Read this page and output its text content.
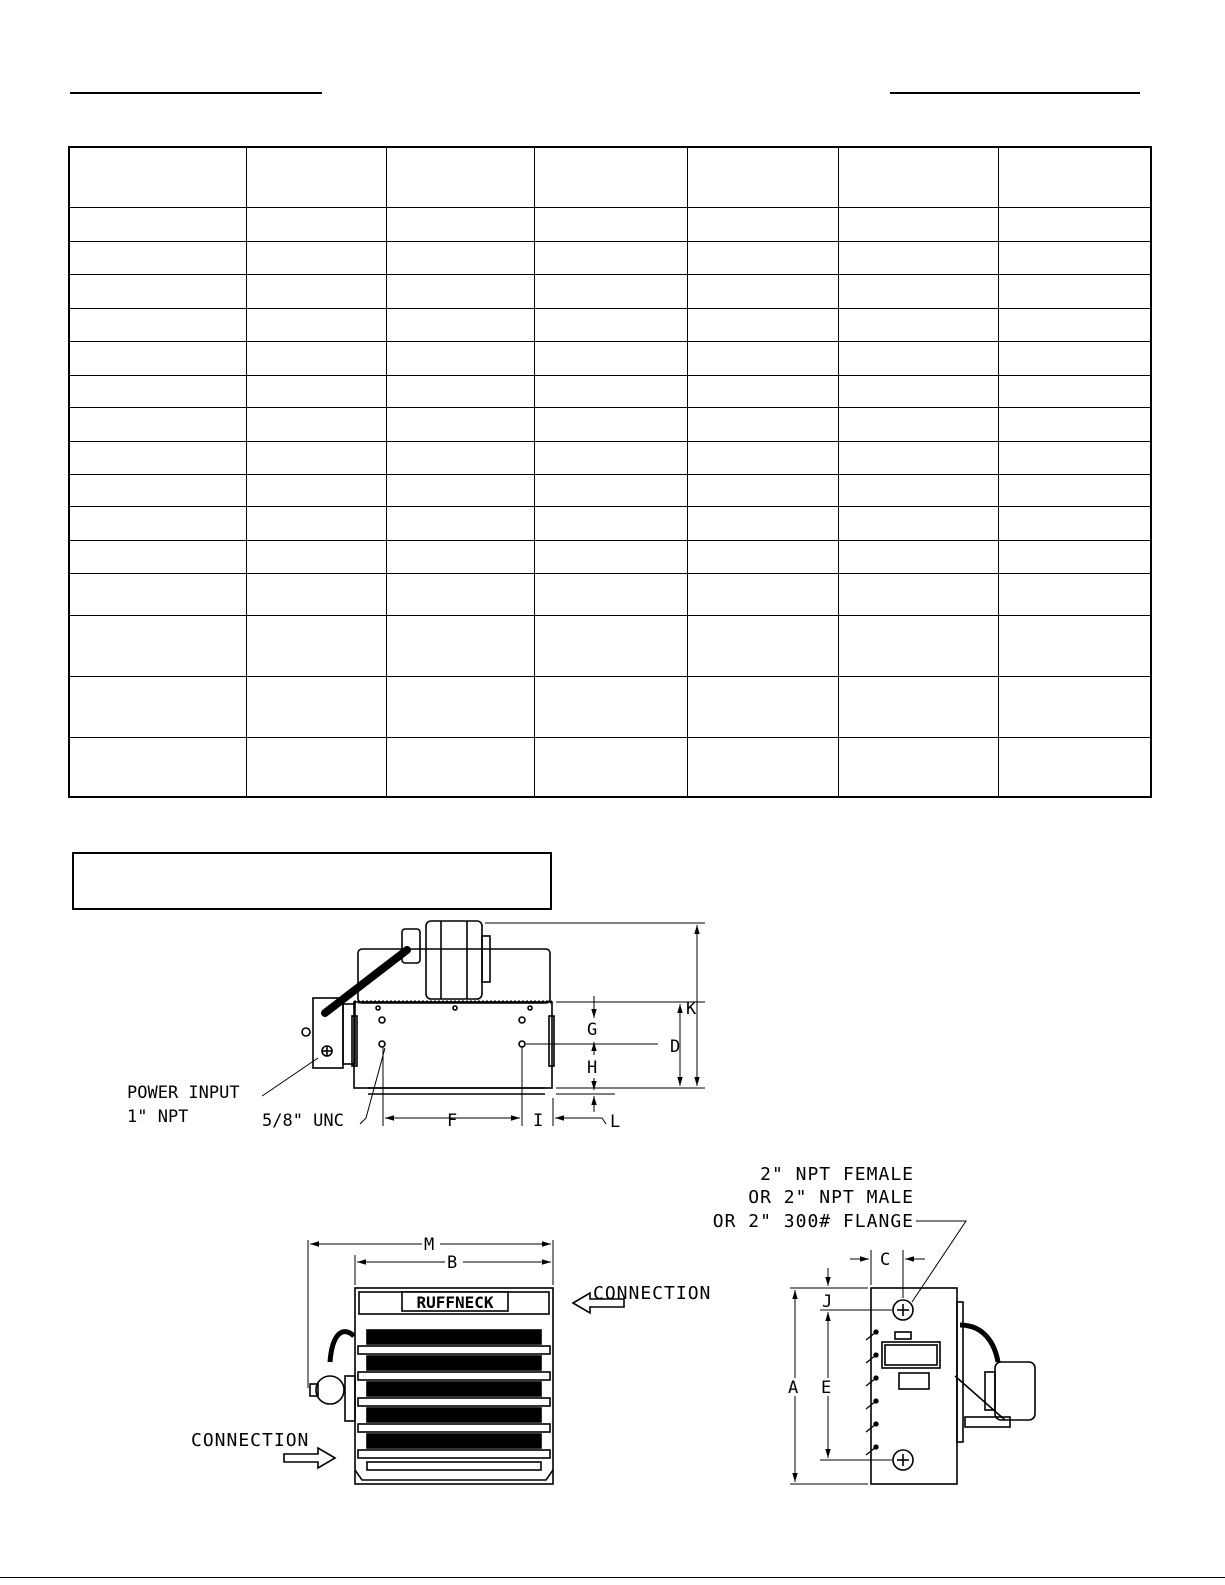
K
D
G
H
F	I	L
POWER INPUT
1" NPT	5/8" UNC
M
B
RUFFNECK	CONNECTION
CONNECTION
C
J
A E
2" NPT FEMALE
OR 2" NPT MALE
OR 2" 300# FLANGE
